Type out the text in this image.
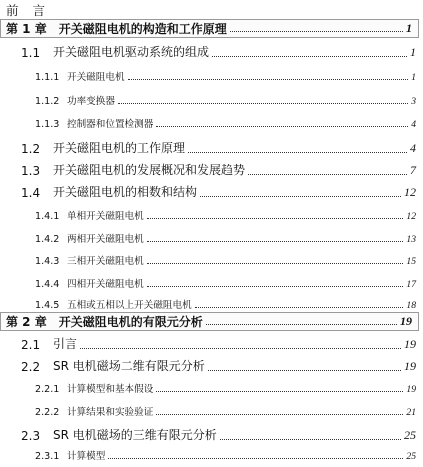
前 言
第 1 章 开关磁阻电机的构造和工作原理	1
1.1	开关磁阻电机驱动系统的组成	1
1.1.1 开关磁阻电机	1
1.1.2 功率变换器	3
1.1.3 控制器和位置检测器	4
1.2	开关磁阻电机的工作原理	4
1.3	开关磁阻电机的发展概况和发展趋势	7
1.4	开关磁阻电机的相数和结构	12
1.4.1 单相开关磁阻电机	12
1.4.2 两相开关磁阻电机	13
1.4.3 三相开关磁阻电机	15
1.4.4 四相开关磁阻电机	17
1.4.5 五相或五相以上开关磁阻电机	18
第 2 章 开关磁阻电机的有限元分析	19
2.1	引言	19
2.2	SR 电机磁场二维有限元分析	19
2.2.1 计算模型和基本假设	19
2.2.2 计算结果和实验验证	21
2.3	SR 电机磁场的三维有限元分析	25
2.3.1 计算模型	25
